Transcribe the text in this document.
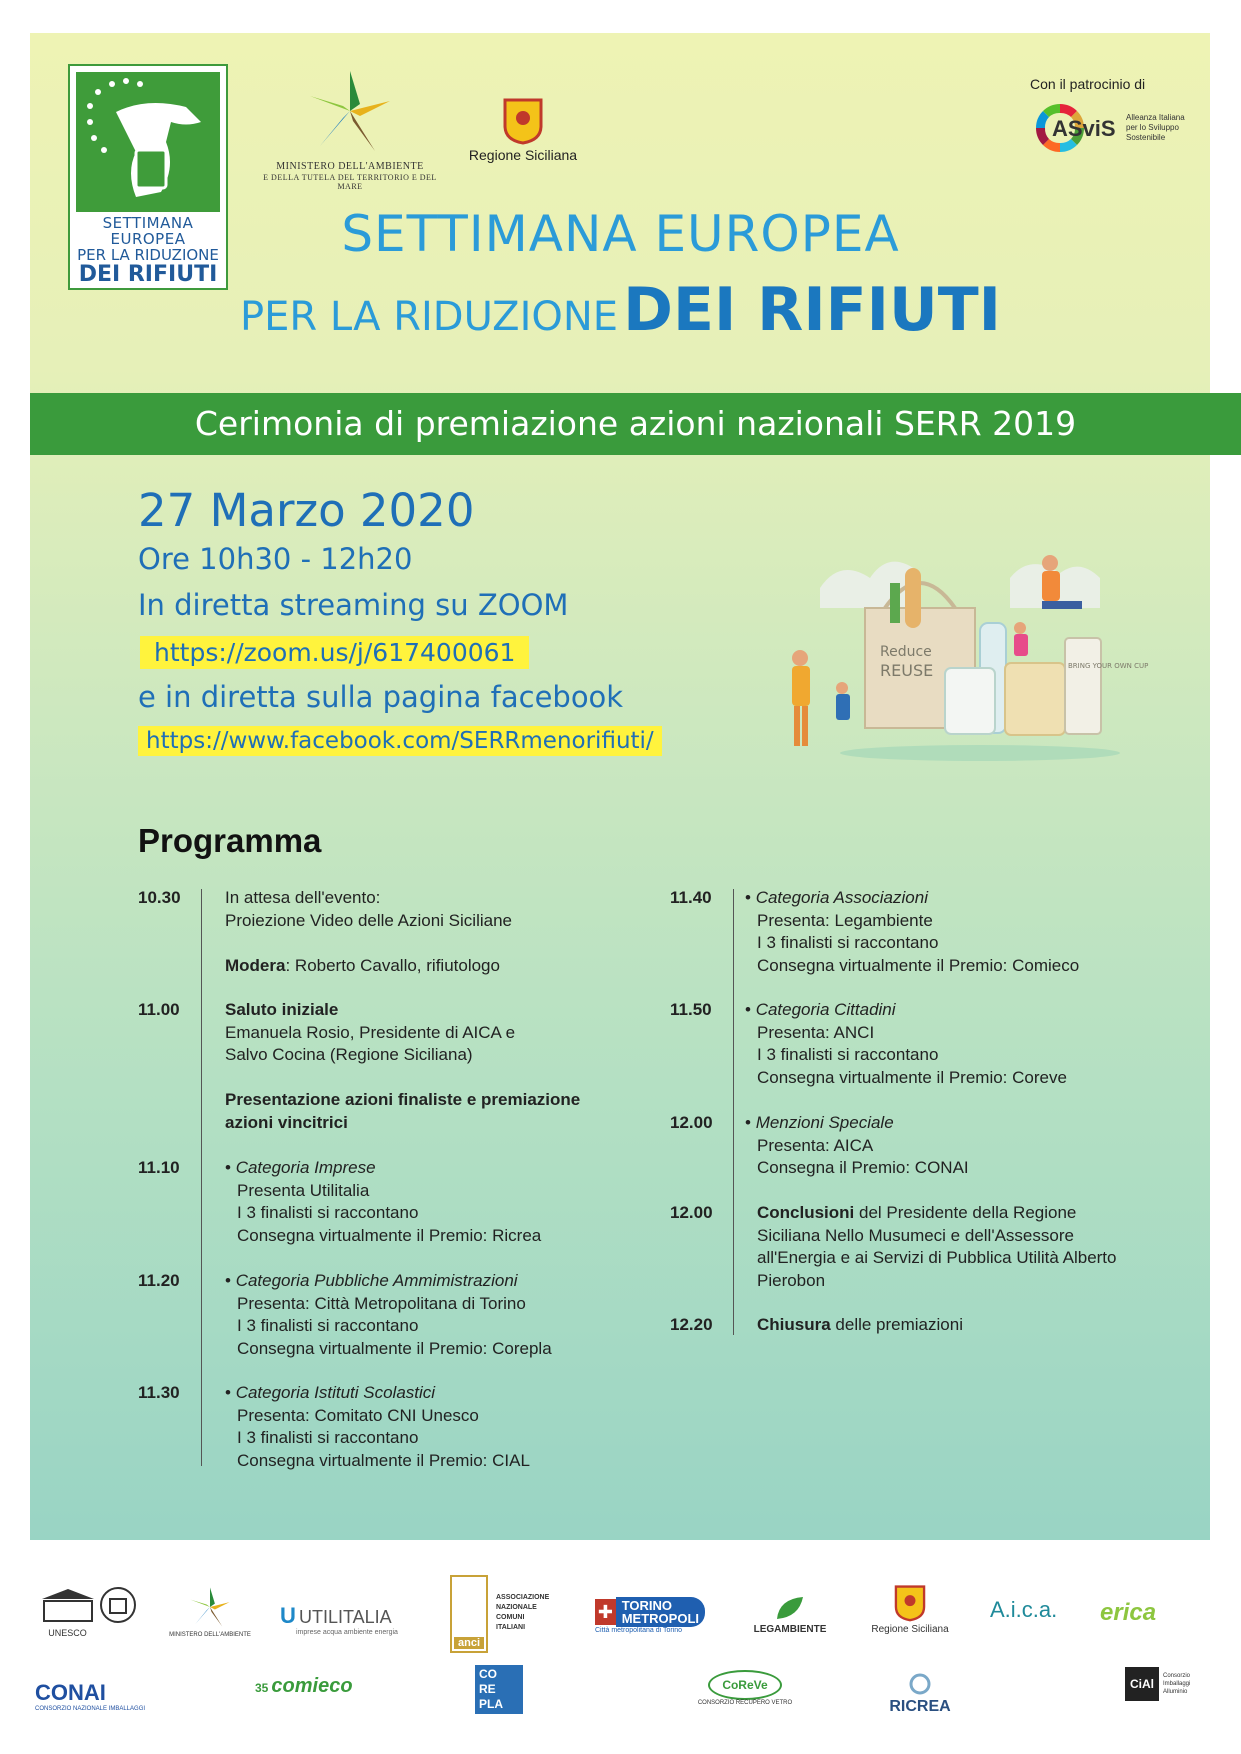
SETTIMANA EUROPEA
PER LA RIDUZIONE
DEI RIFIUTI
MINISTERO DELL'AMBIENTE
E DELLA TUTELA DEL TERRITORIO E DEL MARE
Regione Siciliana
Con il patrocinio di
ASviS Alleanza Italiana
per lo Sviluppo
Sostenibile
SETTIMANA EUROPEA
PER LA RIDUZIONE DEI RIFIUTI
Cerimonia di premiazione azioni nazionali SERR 2019
27 Marzo 2020
Ore 10h30 - 12h20
In diretta streaming su ZOOM
https://zoom.us/j/617400061
e in diretta sulla pagina facebook
https://www.facebook.com/SERRmenorifiuti/
Reduce
REUSE	BRING YOUR OWN CUP
Programma
10.30	In attesa dell'evento:
Proiezione Video delle Azioni Siciliane
Modera: Roberto Cavallo, rifiutologo
11.00	Saluto iniziale
Emanuela Rosio, Presidente di AICA e
Salvo Cocina (Regione Siciliana)
Presentazione azioni finaliste e premiazione
azioni vincitrici
11.10	• Categoria Imprese
Presenta Utilitalia
I 3 finalisti si raccontano
Consegna virtualmente il Premio: Ricrea
11.20	• Categoria Pubbliche Ammimistrazioni
Presenta: Città Metropolitana di Torino
I 3 finalisti si raccontano
Consegna virtualmente il Premio: Corepla
11.30	• Categoria Istituti Scolastici
Presenta: Comitato CNI Unesco
I 3 finalisti si raccontano
Consegna virtualmente il Premio: CIAL
11.40	• Categoria Associazioni
Presenta: Legambiente
I 3 finalisti si raccontano
Consegna virtualmente il Premio: Comieco
11.50	• Categoria Cittadini
Presenta: ANCI
I 3 finalisti si raccontano
Consegna virtualmente il Premio: Coreve
12.00	• Menzioni Speciale
Presenta: AICA
Consegna il Premio: CONAI
12.00	Conclusioni del Presidente della Regione
Siciliana Nello Musumeci e dell'Assessore
all'Energia e ai Servizi di Pubblica Utilità Alberto
Pierobon
12.20	Chiusura delle premiazioni
UNESCO	MINISTERO DELL'AMBIENTE
U UTILITALIA
imprese acqua ambiente energia
anci
ASSOCIAZIONE
NAZIONALE
COMUNI
ITALIANI
✚ TORINO
METROPOLI
Città metropolitana di Torino	LEGAMBIENTE	Regione Siciliana
A.i.c.a.	erica
CONAI
CONSORZIO NAZIONALE IMBALLAGGI
35 comieco
CO
RE
PLA
CoReVe
CONSORZIO RECUPERO VETRO	RICREA
CiAl
Consorzio
Imballaggi
Alluminio
